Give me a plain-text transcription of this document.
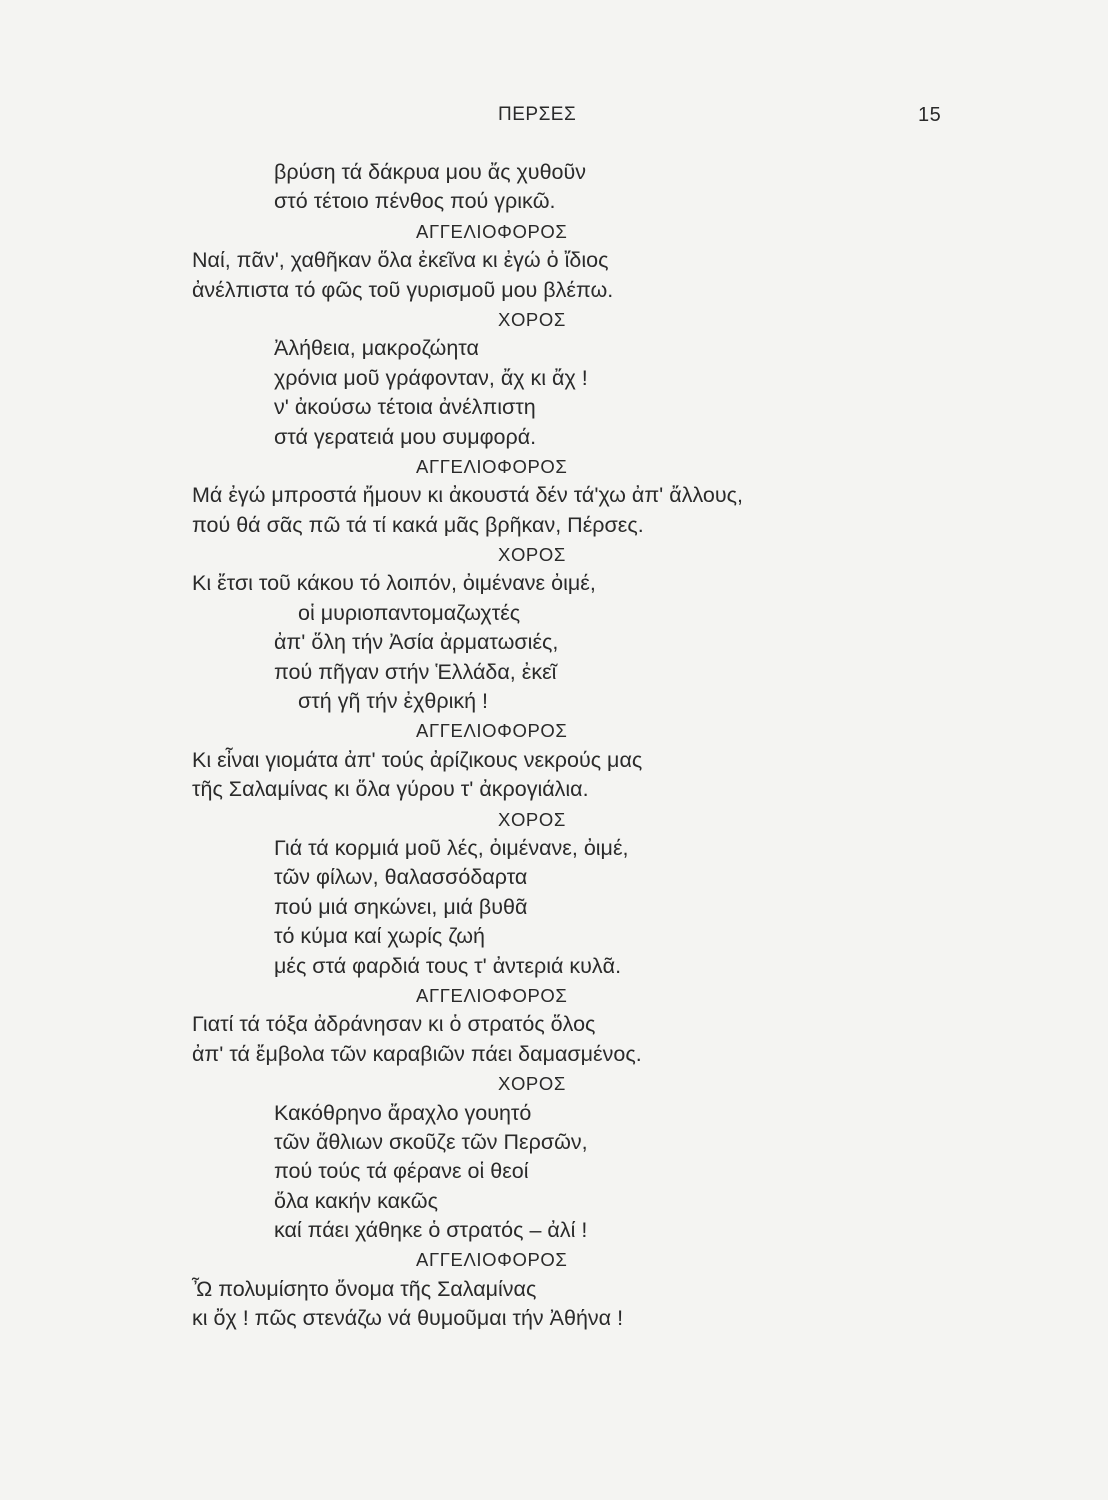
ΠΕΡΣΕΣ	15
βρύση τά δάκρυα μου ἄς χυθοῦν
στό τέτοιο πένθος πού γρικῶ.
ΑΓΓΕΛΙΟΦΟΡΟΣ
Ναί, πᾶν', χαθῆκαν ὅλα ἐκεῖνα κι ἐγώ ὁ ἴδιος
ἀνέλπιστα τό φῶς τοῦ γυρισμοῦ μου βλέπω.
ΧΟΡΟΣ
Ἀλήθεια, μακροζώητα
χρόνια μοῦ γράφονταν, ἄχ κι ἄχ !
ν' ἀκούσω τέτοια ἀνέλπιστη
στά γερατειά μου συμφορά.
ΑΓΓΕΛΙΟΦΟΡΟΣ
Μά ἐγώ μπροστά ἤμουν κι ἀκουστά δέν τά'χω ἀπ' ἄλλους,
πού θά σᾶς πῶ τά τί κακά μᾶς βρῆκαν, Πέρσες.
ΧΟΡΟΣ
Κι ἔτσι τοῦ κάκου τό λοιπόν, ὀιμένανε ὀιμέ,
οἱ μυριοπαντομαζωχτές
ἀπ' ὅλη τήν Ἀσία ἀρματωσιές,
πού πῆγαν στήν Ἑλλάδα, ἐκεῖ
στή γῆ τήν ἐχθρική !
ΑΓΓΕΛΙΟΦΟΡΟΣ
Κι εἶναι γιομάτα ἀπ' τούς ἀρίζικους νεκρούς μας
τῆς Σαλαμίνας κι ὅλα γύρου τ' ἀκρογιάλια.
ΧΟΡΟΣ
Γιά τά κορμιά μοῦ λές, ὀιμένανε, ὀιμέ,
τῶν φίλων, θαλασσόδαρτα
πού μιά σηκώνει, μιά βυθᾶ
τό κύμα καί χωρίς ζωή
μές στά φαρδιά τους τ' ἀντεριά κυλᾶ.
ΑΓΓΕΛΙΟΦΟΡΟΣ
Γιατί τά τόξα ἀδράνησαν κι ὁ στρατός ὅλος
ἀπ' τά ἔμβολα τῶν καραβιῶν πάει δαμασμένος.
ΧΟΡΟΣ
Κακόθρηνο ἄραχλο γουητό
τῶν ἄθλιων σκοῦζε τῶν Περσῶν,
πού τούς τά φέρανε οἱ θεοί
ὅλα κακήν κακῶς
καί πάει χάθηκε ὁ στρατός – ἀλί !
ΑΓΓΕΛΙΟΦΟΡΟΣ
Ὦ πολυμίσητο ὄνομα τῆς Σαλαμίνας
κι ὄχ ! πῶς στενάζω νά θυμοῦμαι τήν Ἀθήνα !
